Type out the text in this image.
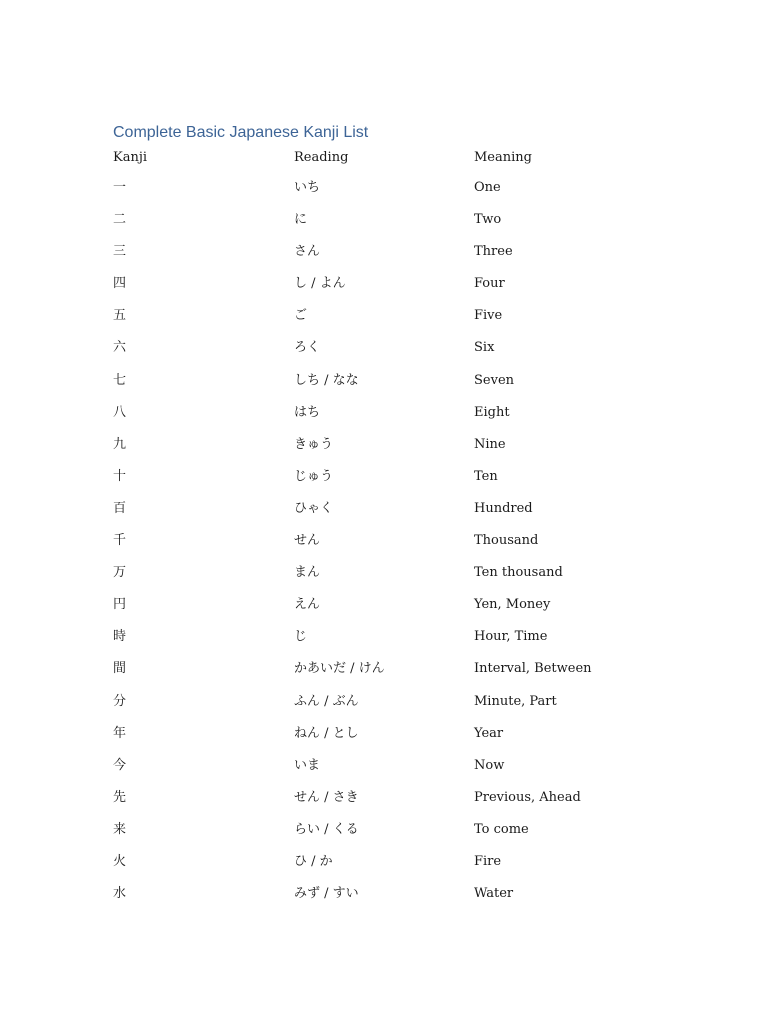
Complete Basic Japanese Kanji List
Kanji	Reading	Meaning
一	いち	One
二	に	Two
三	さん	Three
四	し / よん	Four
五	ご	Five
六	ろく	Six
七	しち / なな	Seven
八	はち	Eight
九	きゅう	Nine
十	じゅう	Ten
百	ひゃく	Hundred
千	せん	Thousand
万	まん	Ten thousand
円	えん	Yen, Money
時	じ	Hour, Time
間	かあいだ / けん	Interval, Between
分	ふん / ぶん	Minute, Part
年	ねん / とし	Year
今	いま	Now
先	せん / さき	Previous, Ahead
来	らい / くる	To come
火	ひ / か	Fire
水	みず / すい	Water
